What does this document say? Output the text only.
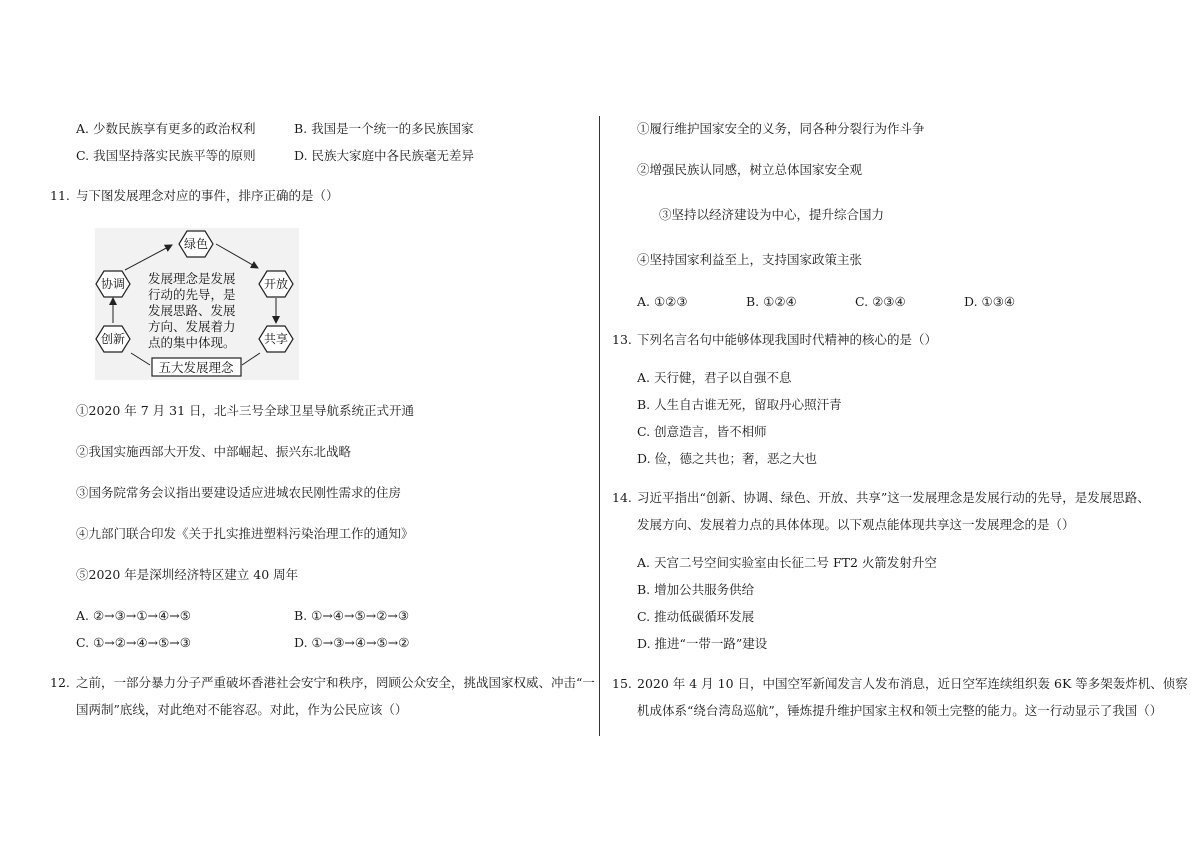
A. 少数民族享有更多的政治权利	B. 我国是一个统一的多民族国家
C. 我国坚持落实民族平等的原则	D. 民族大家庭中各民族毫无差异
11. 与下图发展理念对应的事件，排序正确的是（）
绿色
开放
共享
创新
协调 发展理念是发展
行动的先导，是
发展思路、发展
方向、发展着力
点的集中体现。
五大发展理念
①2020 年 7 月 31 日，北斗三号全球卫星导航系统正式开通
②我国实施西部大开发、中部崛起、振兴东北战略
③国务院常务会议指出要建设适应进城农民刚性需求的住房
④九部门联合印发《关于扎实推进塑料污染治理工作的通知》
⑤2020 年是深圳经济特区建立 40 周年
A. ②→③→①→④→⑤	B. ①→④→⑤→②→③
C. ①→②→④→⑤→③	D. ①→③→④→⑤→②
12. 之前，一部分暴力分子严重破坏香港社会安宁和秩序，罔顾公众安全，挑战国家权威、冲击“一
国两制”底线，对此绝对不能容忍。对此，作为公民应该（）
①履行维护国家安全的义务，同各种分裂行为作斗争
②增强民族认同感，树立总体国家安全观
③坚持以经济建设为中心，提升综合国力
④坚持国家利益至上，支持国家政策主张
A. ①②③	B. ①②④	C. ②③④	D. ①③④
13. 下列名言名句中能够体现我国时代精神的核心的是（）
A. 天行健，君子以自强不息
B. 人生自古谁无死，留取丹心照汗青
C. 创意造言，皆不相师
D. 俭，德之共也；奢，恶之大也
14. 习近平指出“创新、协调、绿色、开放、共享”这一发展理念是发展行动的先导，是发展思路、
发展方向、发展着力点的具体体现。以下观点能体现共享这一发展理念的是（）
A. 天宫二号空间实验室由长征二号 FT2 火箭发射升空
B. 增加公共服务供给
C. 推动低碳循环发展
D. 推进“一带一路”建设
15. 2020 年 4 月 10 日，中国空军新闻发言人发布消息，近日空军连续组织轰 6K 等多架轰炸机、侦察
机成体系“绕台湾岛巡航”，锤炼提升维护国家主权和领土完整的能力。这一行动显示了我国（）
